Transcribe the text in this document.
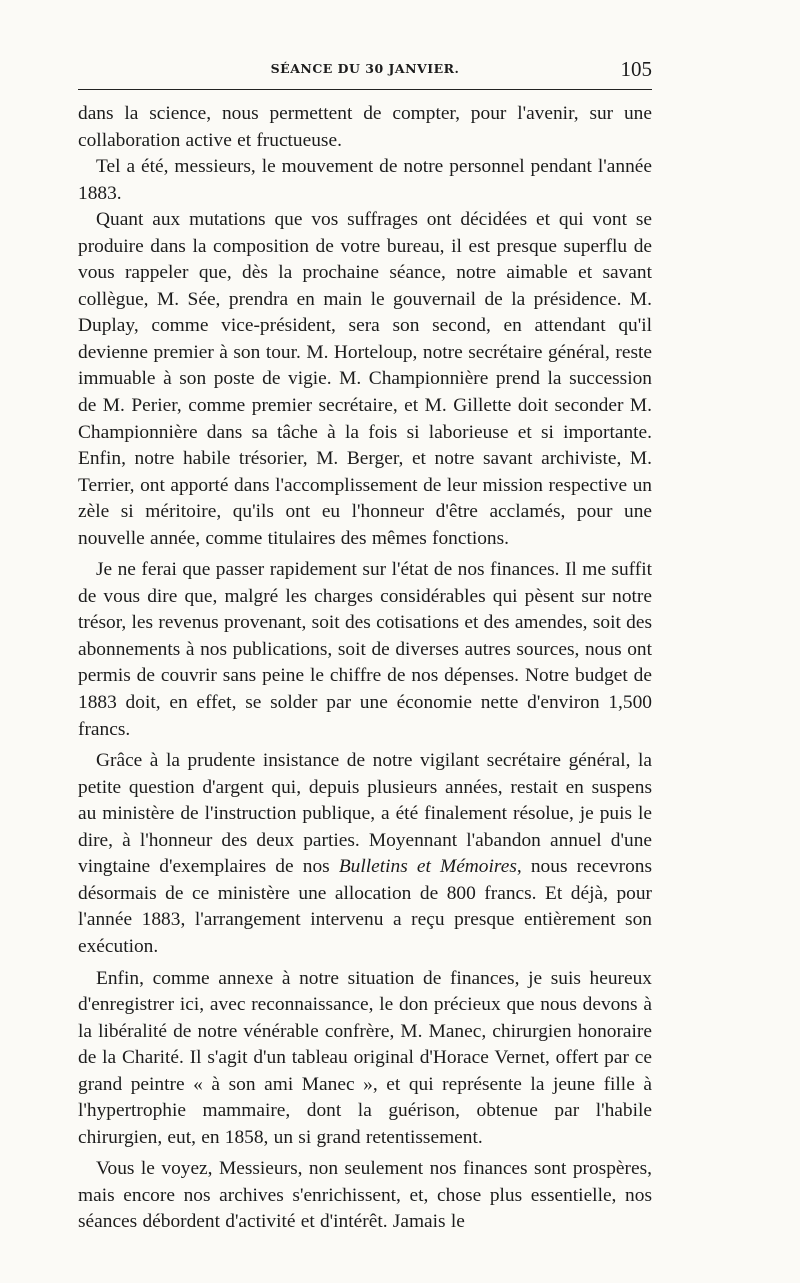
SÉANCE DU 30 JANVIER.	105

dans la science, nous permettent de compter, pour l'avenir, sur une collaboration active et fructueuse.

Tel a été, messieurs, le mouvement de notre personnel pendant l'année 1883.

Quant aux mutations que vos suffrages ont décidées et qui vont se produire dans la composition de votre bureau, il est presque superflu de vous rappeler que, dès la prochaine séance, notre aimable et savant collègue, M. Sée, prendra en main le gouvernail de la présidence. M. Duplay, comme vice-président, sera son second, en attendant qu'il devienne premier à son tour. M. Horteloup, notre secrétaire général, reste immuable à son poste de vigie. M. Championnière prend la succession de M. Perier, comme premier secrétaire, et M. Gillette doit seconder M. Championnière dans sa tâche à la fois si laborieuse et si importante. Enfin, notre habile trésorier, M. Berger, et notre savant archiviste, M. Terrier, ont apporté dans l'accomplissement de leur mission respective un zèle si méritoire, qu'ils ont eu l'honneur d'être acclamés, pour une nouvelle année, comme titulaires des mêmes fonctions.

Je ne ferai que passer rapidement sur l'état de nos finances. Il me suffit de vous dire que, malgré les charges considérables qui pèsent sur notre trésor, les revenus provenant, soit des cotisations et des amendes, soit des abonnements à nos publications, soit de diverses autres sources, nous ont permis de couvrir sans peine le chiffre de nos dépenses. Notre budget de 1883 doit, en effet, se solder par une économie nette d'environ 1,500 francs.

Grâce à la prudente insistance de notre vigilant secrétaire général, la petite question d'argent qui, depuis plusieurs années, restait en suspens au ministère de l'instruction publique, a été finalement résolue, je puis le dire, à l'honneur des deux parties. Moyennant l'abandon annuel d'une vingtaine d'exemplaires de nos Bulletins et Mémoires, nous recevrons désormais de ce ministère une allocation de 800 francs. Et déjà, pour l'année 1883, l'arrangement intervenu a reçu presque entièrement son exécution.

Enfin, comme annexe à notre situation de finances, je suis heureux d'enregistrer ici, avec reconnaissance, le don précieux que nous devons à la libéralité de notre vénérable confrère, M. Manec, chirurgien honoraire de la Charité. Il s'agit d'un tableau original d'Horace Vernet, offert par ce grand peintre « à son ami Manec », et qui représente la jeune fille à l'hypertrophie mammaire, dont la guérison, obtenue par l'habile chirurgien, eut, en 1858, un si grand retentissement.

Vous le voyez, Messieurs, non seulement nos finances sont prospères, mais encore nos archives s'enrichissent, et, chose plus essentielle, nos séances débordent d'activité et d'intérêt. Jamais le
